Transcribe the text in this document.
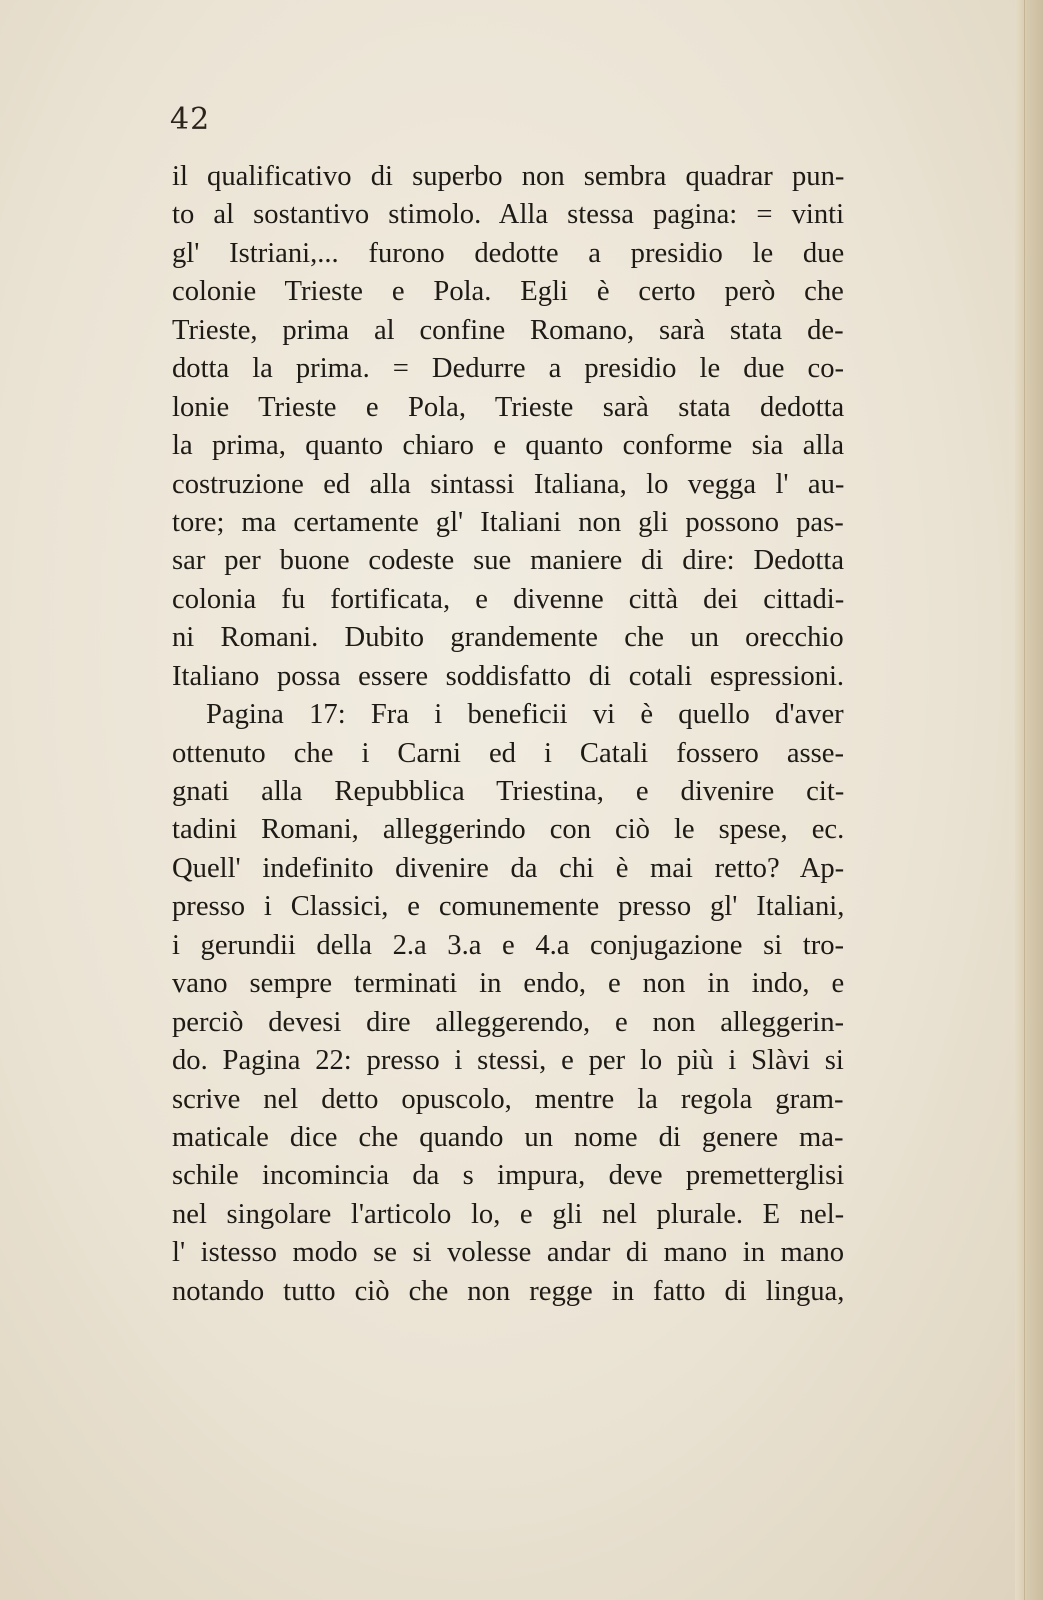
42
il qualificativo di superbo non sembra quadrar pun-
to al sostantivo stimolo. Alla stessa pagina: = vinti
gl' Istriani,... furono dedotte a presidio le due
colonie Trieste e Pola. Egli è certo però che
Trieste, prima al confine Romano, sarà stata de-
dotta la prima. = Dedurre a presidio le due co-
lonie Trieste e Pola, Trieste sarà stata dedotta
la prima, quanto chiaro e quanto conforme sia alla
costruzione ed alla sintassi Italiana, lo vegga l' au-
tore; ma certamente gl' Italiani non gli possono pas-
sar per buone codeste sue maniere di dire: Dedotta
colonia fu fortificata, e divenne città dei cittadi-
ni Romani. Dubito grandemente che un orecchio
Italiano possa essere soddisfatto di cotali espressioni.
Pagina 17: Fra i beneficii vi è quello d'aver
ottenuto che i Carni ed i Catali fossero asse-
gnati alla Repubblica Triestina, e divenire cit-
tadini Romani, alleggerindo con ciò le spese, ec.
Quell' indefinito divenire da chi è mai retto? Ap-
presso i Classici, e comunemente presso gl' Italiani,
i gerundii della 2.a 3.a e 4.a conjugazione si tro-
vano sempre terminati in endo, e non in indo, e
perciò devesi dire alleggerendo, e non alleggerin-
do. Pagina 22: presso i stessi, e per lo più i Slàvi si
scrive nel detto opuscolo, mentre la regola gram-
maticale dice che quando un nome di genere ma-
schile incomincia da s impura, deve premetterglisi
nel singolare l'articolo lo, e gli nel plurale. E nel-
l' istesso modo se si volesse andar di mano in mano
notando tutto ciò che non regge in fatto di lingua,
